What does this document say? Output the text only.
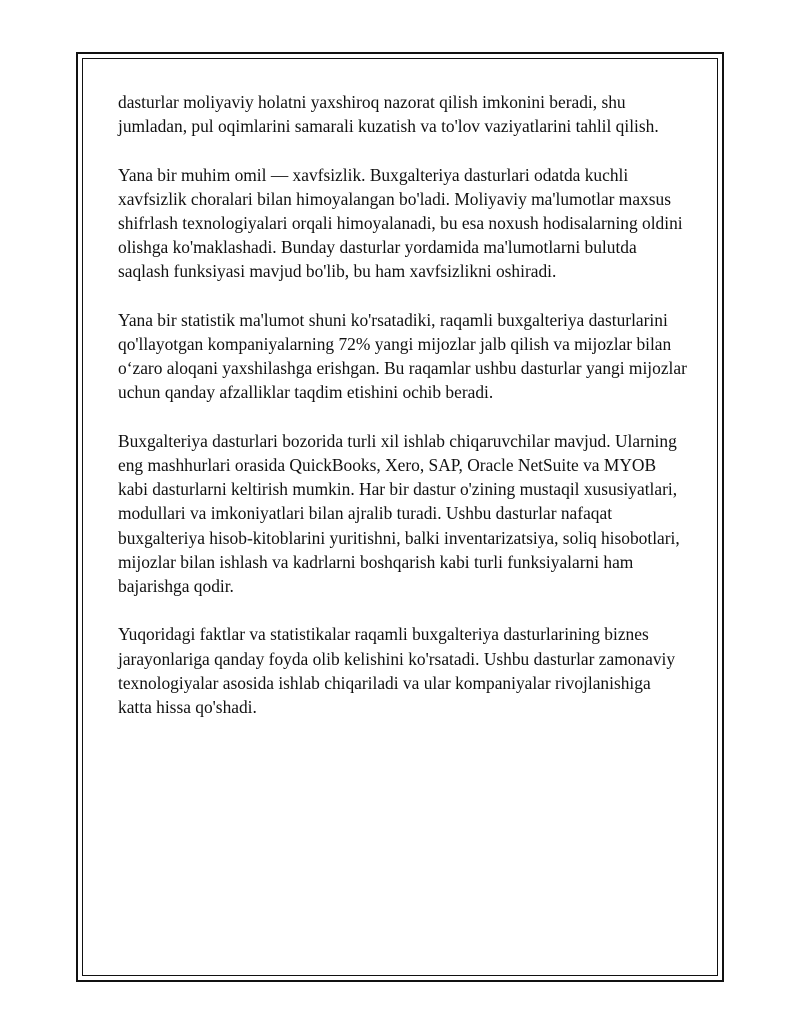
dasturlar moliyaviy holatni yaxshiroq nazorat qilish imkonini beradi, shu jumladan, pul oqimlarini samarali kuzatish va to'lov vaziyatlarini tahlil qilish.

Yana bir muhim omil — xavfsizlik. Buxgalteriya dasturlari odatda kuchli xavfsizlik choralari bilan himoyalangan bo'ladi. Moliyaviy ma'lumotlar maxsus shifrlash texnologiyalari orqali himoyalanadi, bu esa noxush hodisalarning oldini olishga ko'maklashadi. Bunday dasturlar yordamida ma'lumotlarni bulutda saqlash funksiyasi mavjud bo'lib, bu ham xavfsizlikni oshiradi.

Yana bir statistik ma'lumot shuni ko'rsatadiki, raqamli buxgalteriya dasturlarini qo'llayotgan kompaniyalarning 72% yangi mijozlar jalb qilish va mijozlar bilan o‘zaro aloqani yaxshilashga erishgan. Bu raqamlar ushbu dasturlar yangi mijozlar uchun qanday afzalliklar taqdim etishini ochib beradi.

Buxgalteriya dasturlari bozorida turli xil ishlab chiqaruvchilar mavjud. Ularning eng mashhurlari orasida QuickBooks, Xero, SAP, Oracle NetSuite va MYOB kabi dasturlarni keltirish mumkin. Har bir dastur o'zining mustaqil xususiyatlari, modullari va imkoniyatlari bilan ajralib turadi. Ushbu dasturlar nafaqat buxgalteriya hisob-kitoblarini yuritishni, balki inventarizatsiya, soliq hisobotlari, mijozlar bilan ishlash va kadrlarni boshqarish kabi turli funksiyalarni ham bajarishga qodir.

Yuqoridagi faktlar va statistikalar raqamli buxgalteriya dasturlarining biznes jarayonlariga qanday foyda olib kelishini ko'rsatadi. Ushbu dasturlar zamonaviy texnologiyalar asosida ishlab chiqariladi va ular kompaniyalar rivojlanishiga katta hissa qo'shadi.
